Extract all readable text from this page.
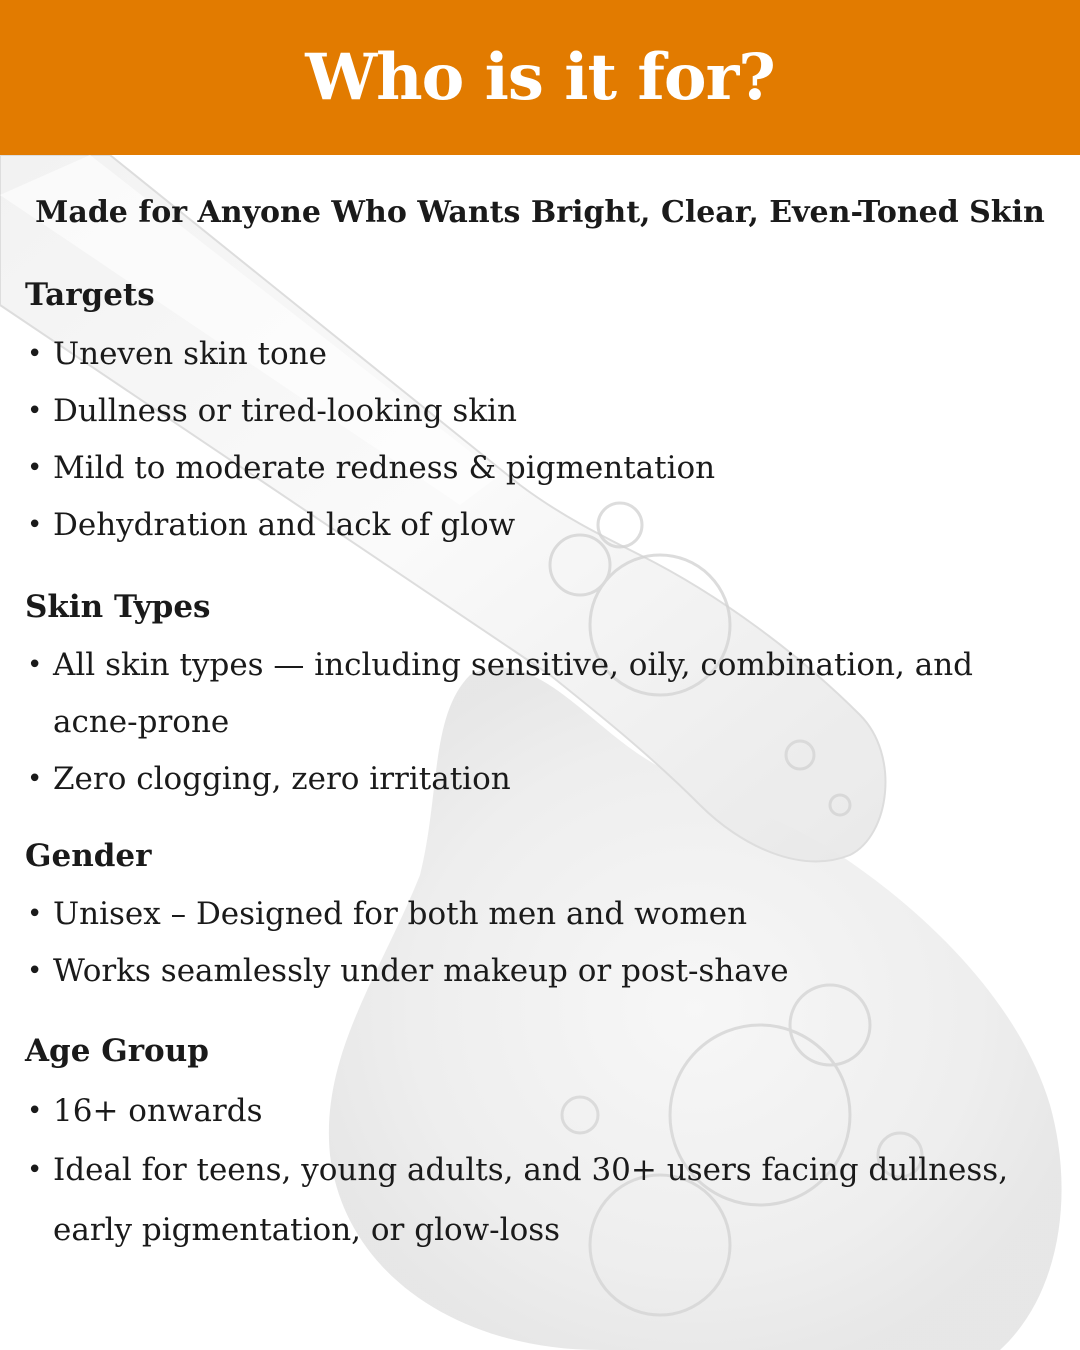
Who is it for?

Made for Anyone Who Wants Bright, Clear, Even-Toned Skin

Targets
• Uneven skin tone
• Dullness or tired-looking skin
• Mild to moderate redness & pigmentation
• Dehydration and lack of glow
Skin Types
• All skin types — including sensitive, oily, combination, and acne-prone
• Zero clogging, zero irritation
Gender
• Unisex – Designed for both men and women
• Works seamlessly under makeup or post-shave
Age Group
• 16+ onwards
• Ideal for teens, young adults, and 30+ users facing dullness, early pigmentation, or glow-loss
